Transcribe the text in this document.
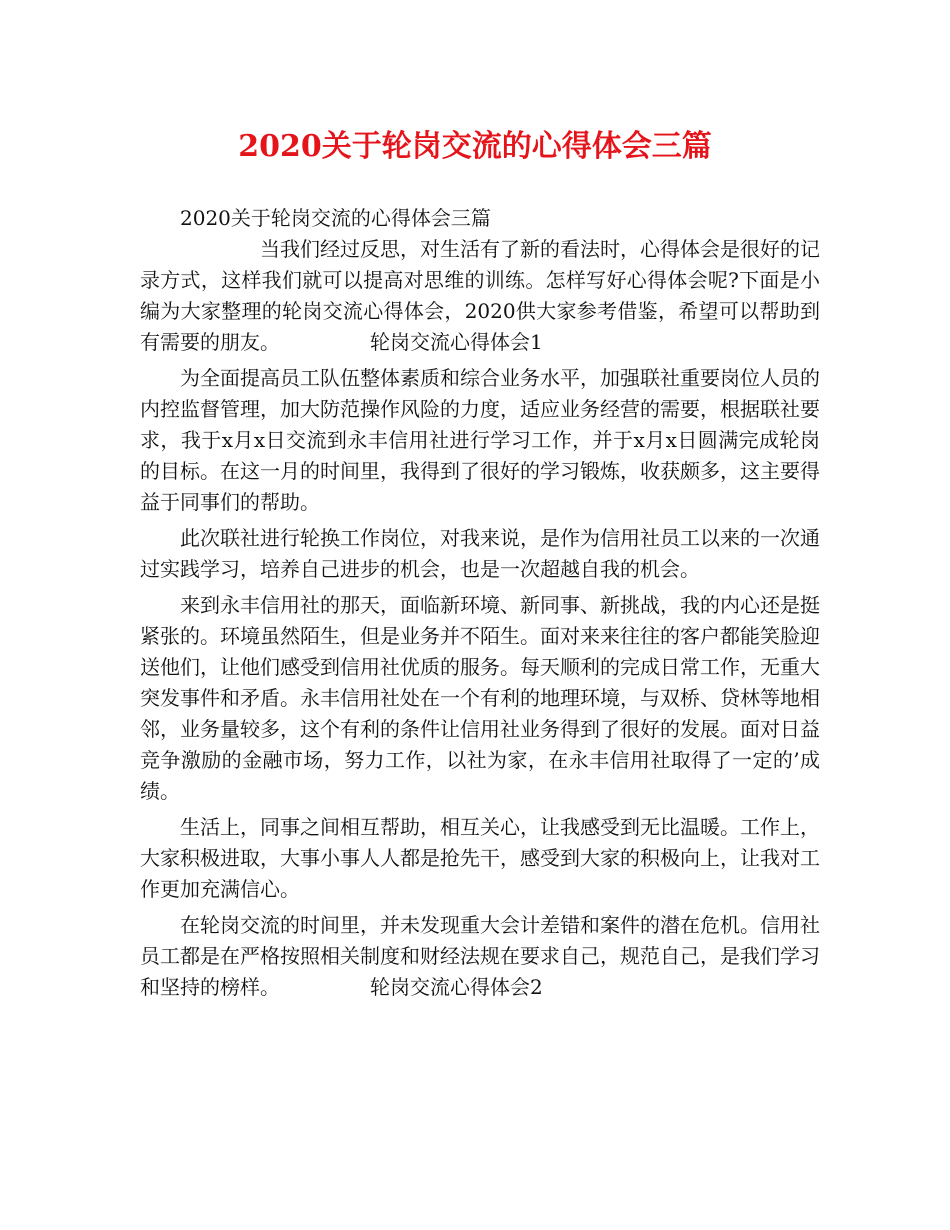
2020关于轮岗交流的心得体会三篇

2020关于轮岗交流的心得体会三篇

当我们经过反思，对生活有了新的看法时，心得体会是很好的记录方式，这样我们就可以提高对思维的训练。怎样写好心得体会呢?下面是小编为大家整理的轮岗交流心得体会，2020供大家参考借鉴，希望可以帮助到有需要的朋友。	轮岗交流心得体会1

为全面提高员工队伍整体素质和综合业务水平，加强联社重要岗位人员的内控监督管理，加大防范操作风险的力度，适应业务经营的需要，根据联社要求，我于x月x日交流到永丰信用社进行学习工作，并于x月x日圆满完成轮岗的目标。在这一月的时间里，我得到了很好的学习锻炼，收获颇多，这主要得益于同事们的帮助。

此次联社进行轮换工作岗位，对我来说，是作为信用社员工以来的一次通过实践学习，培养自己进步的机会，也是一次超越自我的机会。

来到永丰信用社的那天，面临新环境、新同事、新挑战，我的内心还是挺紧张的。环境虽然陌生，但是业务并不陌生。面对来来往往的客户都能笑脸迎送他们，让他们感受到信用社优质的服务。每天顺利的完成日常工作，无重大突发事件和矛盾。永丰信用社处在一个有利的地理环境，与双桥、贷林等地相邻，业务量较多，这个有利的条件让信用社业务得到了很好的发展。面对日益竞争激励的金融市场，努力工作，以社为家，在永丰信用社取得了一定的’成绩。

生活上，同事之间相互帮助，相互关心，让我感受到无比温暖。工作上，大家积极进取，大事小事人人都是抢先干，感受到大家的积极向上，让我对工作更加充满信心。

在轮岗交流的时间里，并未发现重大会计差错和案件的潜在危机。信用社员工都是在严格按照相关制度和财经法规在要求自己，规范自己，是我们学习和坚持的榜样。	轮岗交流心得体会2
